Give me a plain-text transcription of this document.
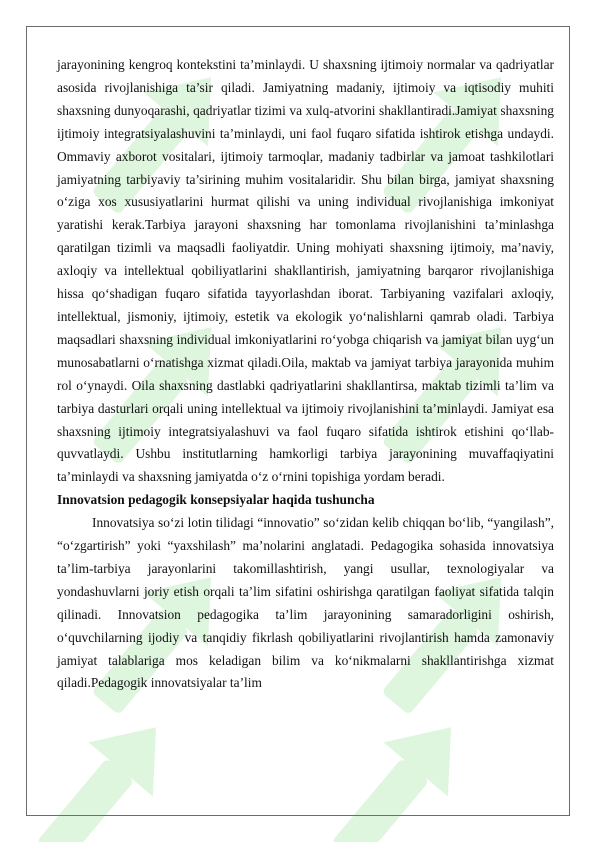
jarayonining kengroq kontekstini ta’minlaydi. U shaxsning ijtimoiy normalar va qadriyatlar asosida rivojlanishiga ta’sir qiladi. Jamiyatning madaniy, ijtimoiy va iqtisodiy muhiti shaxsning dunyoqarashi, qadriyatlar tizimi va xulq-atvorini shakllantiradi.Jamiyat shaxsning ijtimoiy integratsiyalashuvini ta’minlaydi, uni faol fuqaro sifatida ishtirok etishga undaydi. Ommaviy axborot vositalari, ijtimoiy tarmoqlar, madaniy tadbirlar va jamoat tashkilotlari jamiyatning tarbiyaviy ta’sirining muhim vositalaridir. Shu bilan birga, jamiyat shaxsning o‘ziga xos xususiyatlarini hurmat qilishi va uning individual rivojlanishiga imkoniyat yaratishi kerak.Tarbiya jarayoni shaxsning har tomonlama rivojlanishini ta’minlashga qaratilgan tizimli va maqsadli faoliyatdir. Uning mohiyati shaxsning ijtimoiy, ma’naviy, axloqiy va intellektual qobiliyatlarini shakllantirish, jamiyatning barqaror rivojlanishiga hissa qo‘shadigan fuqaro sifatida tayyorlashdan iborat. Tarbiyaning vazifalari axloqiy, intellektual, jismoniy, ijtimoiy, estetik va ekologik yo‘nalishlarni qamrab oladi. Tarbiya maqsadlari shaxsning individual imkoniyatlarini ro‘yobga chiqarish va jamiyat bilan uyg‘un munosabatlarni o‘rnatishga xizmat qiladi.Oila, maktab va jamiyat tarbiya jarayonida muhim rol o‘ynaydi. Oila shaxsning dastlabki qadriyatlarini shakllantirsa, maktab tizimli ta’lim va tarbiya dasturlari orqali uning intellektual va ijtimoiy rivojlanishini ta’minlaydi. Jamiyat esa shaxsning ijtimoiy integratsiyalashuvi va faol fuqaro sifatida ishtirok etishini qo‘llab-quvvatlaydi. Ushbu institutlarning hamkorligi tarbiya jarayonining muvaffaqiyatini ta’minlaydi va shaxsning jamiyatda o‘z o‘rnini topishiga yordam beradi.

Innovatsion pedagogik konsepsiyalar haqida tushuncha

Innovatsiya so‘zi lotin tilidagi “innovatio” so‘zidan kelib chiqqan bo‘lib, “yangilash”, “o‘zgartirish” yoki “yaxshilash” ma’nolarini anglatadi. Pedagogika sohasida innovatsiya ta’lim-tarbiya jarayonlarini takomillashtirish, yangi usullar, texnologiyalar va yondashuvlarni joriy etish orqali ta’lim sifatini oshirishga qaratilgan faoliyat sifatida talqin qilinadi. Innovatsion pedagogika ta’lim jarayonining samaradorligini oshirish, o‘quvchilarning ijodiy va tanqidiy fikrlash qobiliyatlarini rivojlantirish hamda zamonaviy jamiyat talablariga mos keladigan bilim va ko‘nikmalarni shakllantirishga xizmat qiladi.Pedagogik innovatsiyalar ta’lim
